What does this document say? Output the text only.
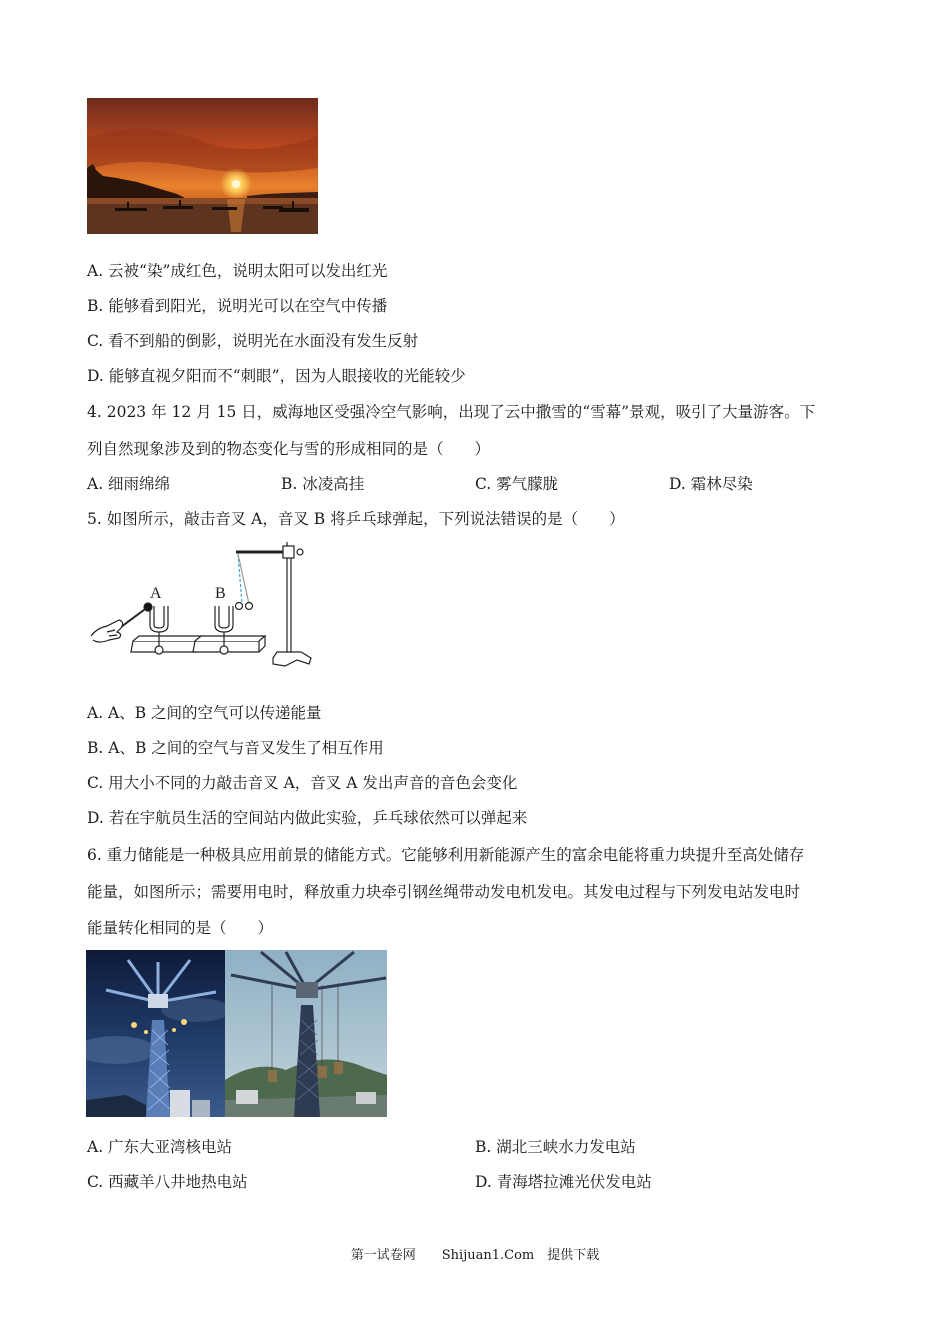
A. 云被“染”成红色，说明太阳可以发出红光
B. 能够看到阳光，说明光可以在空气中传播
C. 看不到船的倒影，说明光在水面没有发生反射
D. 能够直视夕阳而不“刺眼”，因为人眼接收的光能较少
4. 2023 年 12 月 15 日，威海地区受强冷空气影响，出现了云中撒雪的“雪幕”景观，吸引了大量游客。下
列自然现象涉及到的物态变化与雪的形成相同的是（　　）
A. 细雨绵绵	B. 冰凌高挂	C. 雾气朦胧	D. 霜林尽染
5. 如图所示，敲击音叉 A，音叉 B 将乒乓球弹起，下列说法错误的是（　　）
A	B
A. A、B 之间的空气可以传递能量
B. A、B 之间的空气与音叉发生了相互作用
C. 用大小不同的力敲击音叉 A，音叉 A 发出声音的音色会变化
D. 若在宇航员生活的空间站内做此实验，乒乓球依然可以弹起来
6. 重力储能是一种极具应用前景的储能方式。它能够利用新能源产生的富余电能将重力块提升至高处储存
能量，如图所示；需要用电时，释放重力块牵引钢丝绳带动发电机发电。其发电过程与下列发电站发电时
能量转化相同的是（　　）
A. 广东大亚湾核电站	B. 湖北三峡水力发电站
C. 西藏羊八井地热电站	D. 青海塔拉滩光伏发电站
第一试卷网　　Shijuan1.Com　提供下载
